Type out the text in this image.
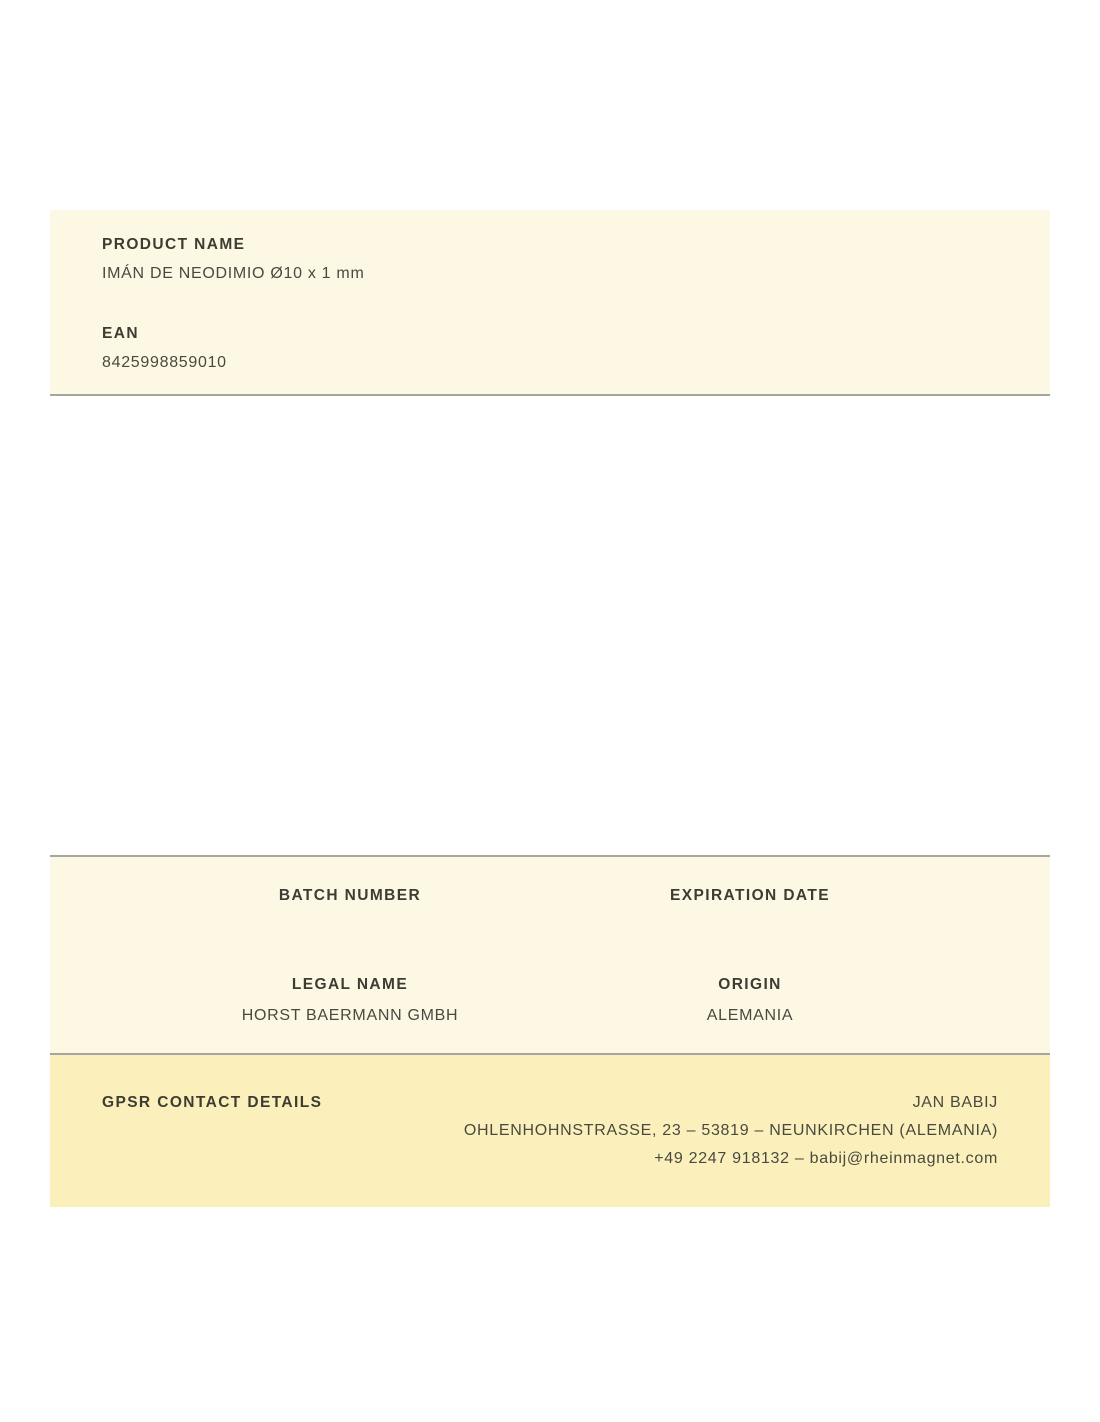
PRODUCT NAME
IMÁN DE NEODIMIO Ø10 x 1 mm
EAN
8425998859010
BATCH NUMBER	EXPIRATION DATE
LEGAL NAME
HORST BAERMANN GMBH
ORIGIN
ALEMANIA
GPSR CONTACT DETAILS	JAN BABIJ
OHLENHOHNSTRASSE, 23 – 53819 – NEUNKIRCHEN (ALEMANIA)
+49 2247 918132 – babij@rheinmagnet.com
